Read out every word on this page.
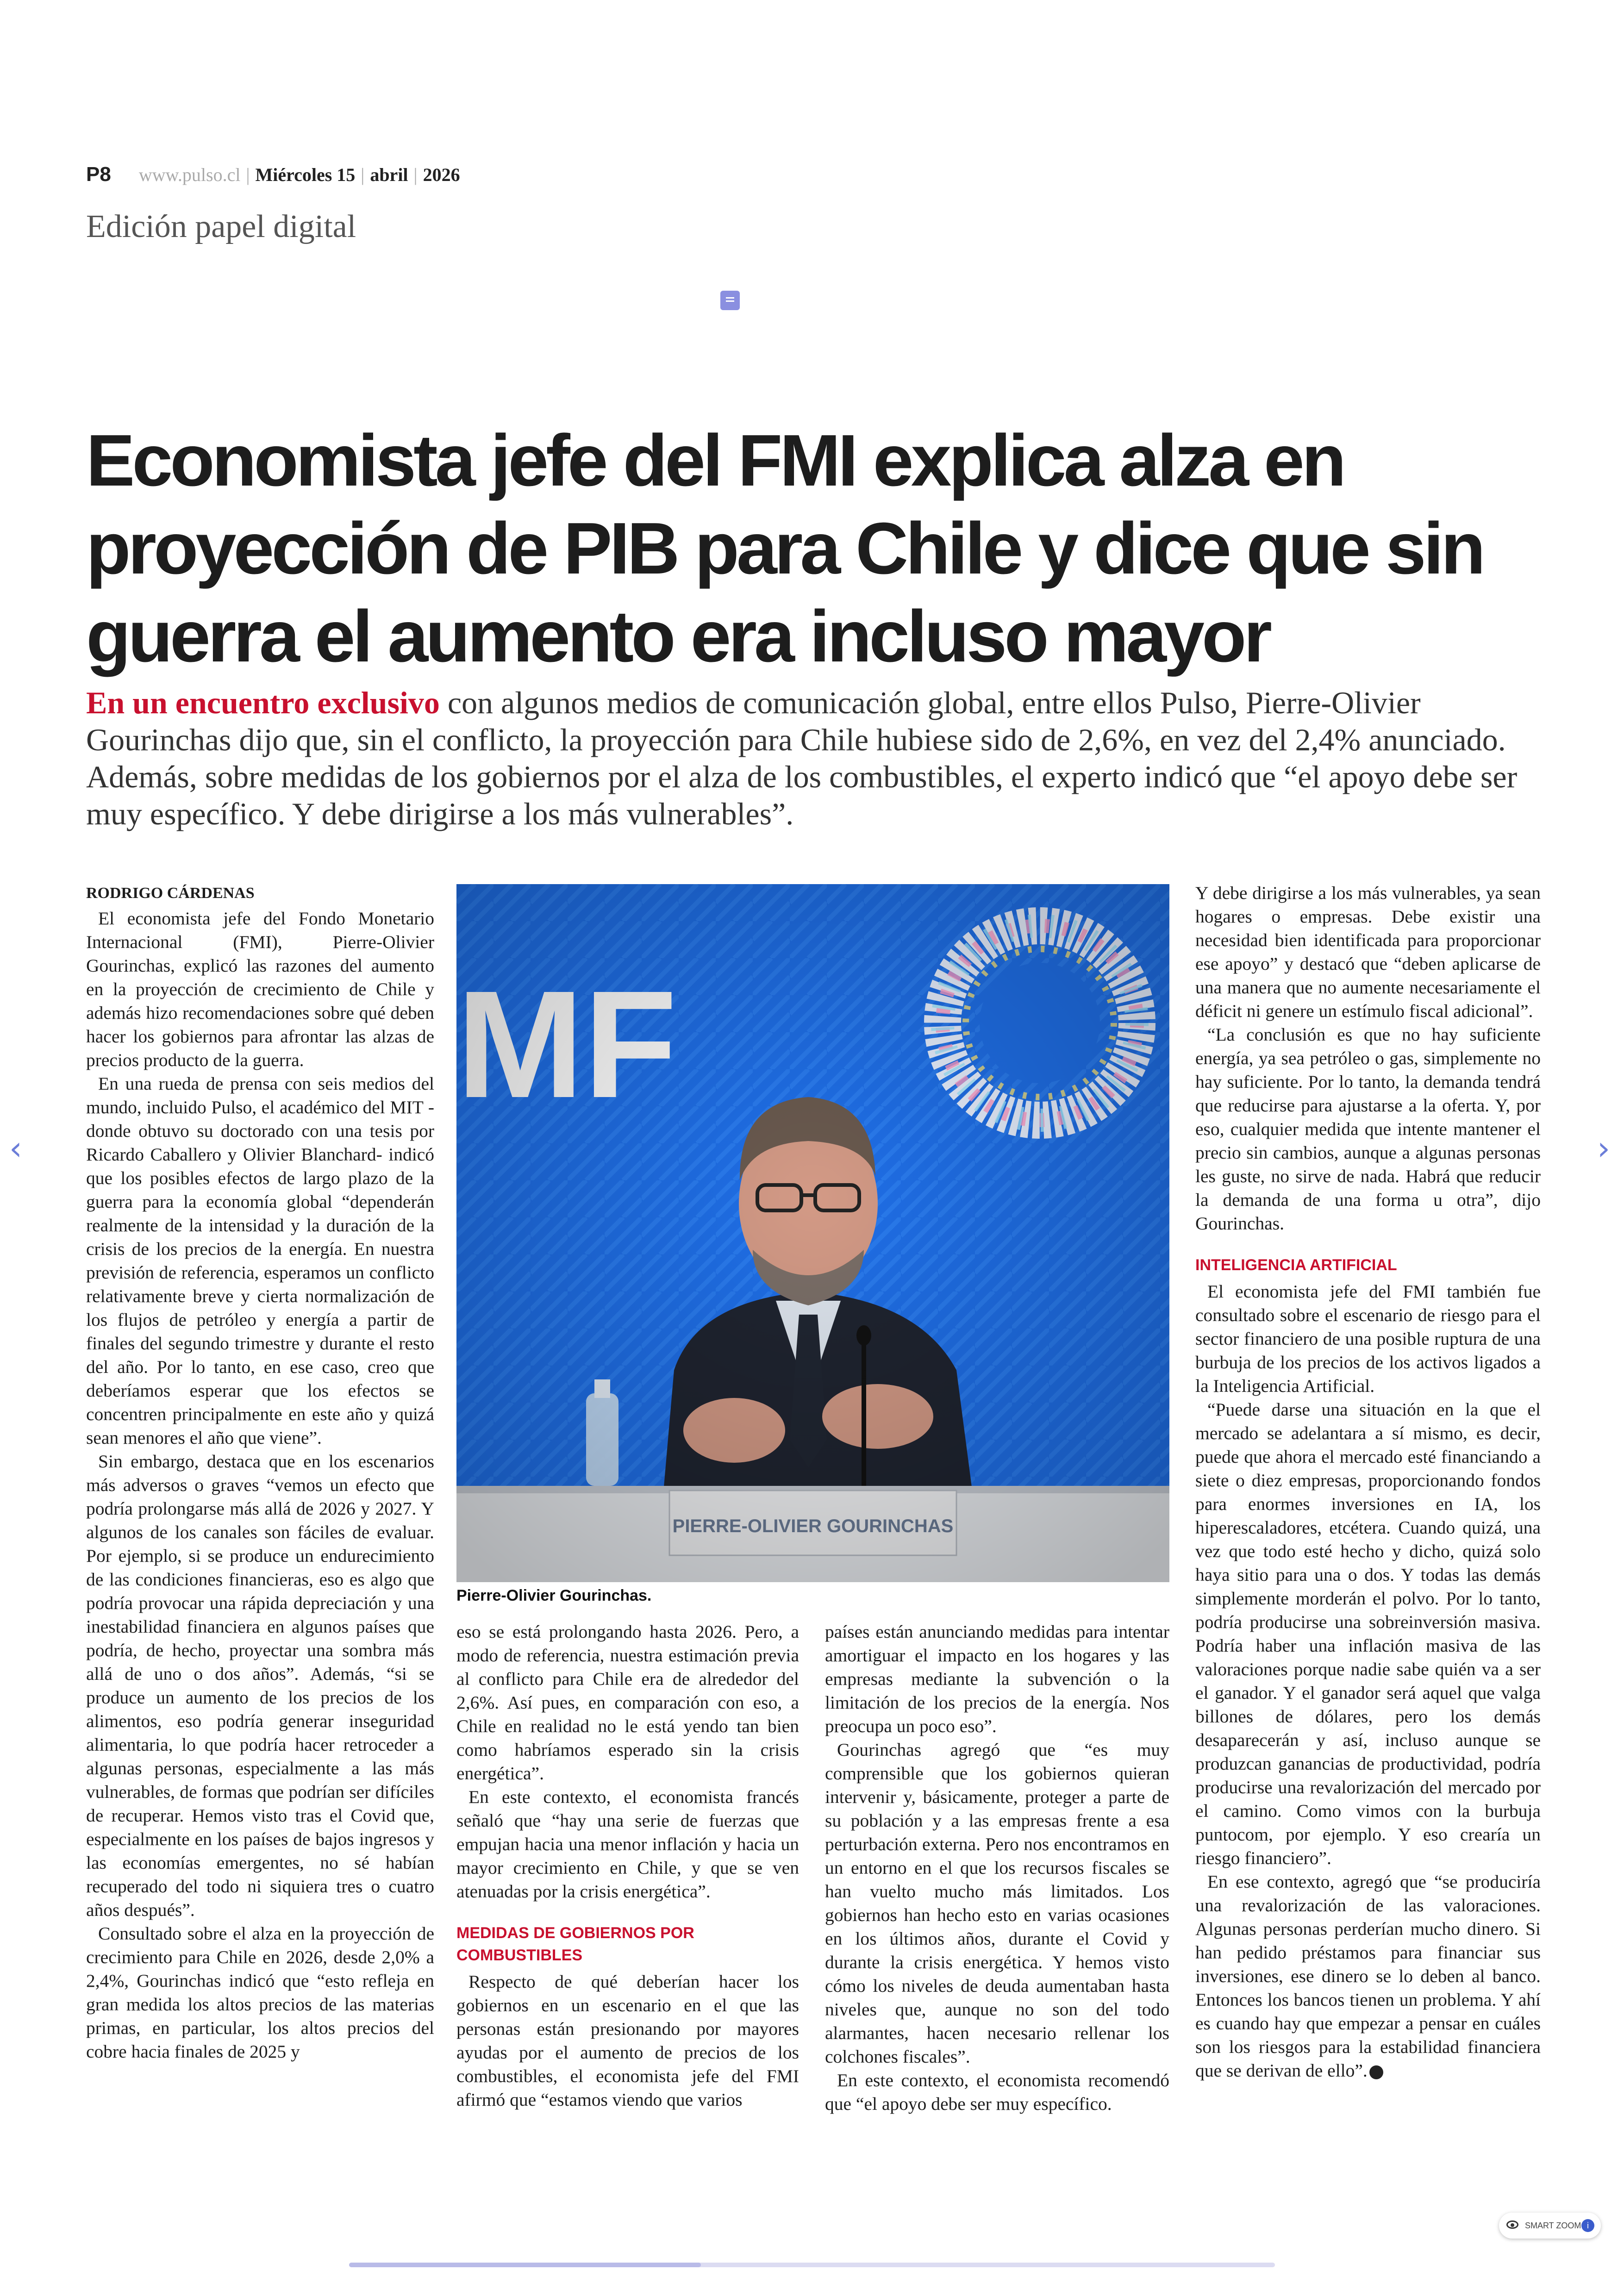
P8 www.pulso.cl | Miércoles 15 | abril | 2026
Edición papel digital
Economista jefe del FMI explica alza en proyección de PIB para Chile y dice que sin guerra el aumento era incluso mayor

En un encuentro exclusivo con algunos medios de comunicación global, entre ellos Pulso, Pierre-Olivier Gourinchas dijo que, sin el conflicto, la proyección para Chile hubiese sido de 2,6%, en vez del 2,4% anunciado. Además, sobre medidas de los gobiernos por el alza de los combustibles, el experto indicó que “el apoyo debe ser muy específico. Y debe dirigirse a los más vulnerables”.

RODRIGO CÁRDENAS

El economista jefe del Fondo Monetario Internacional (FMI), Pierre-Olivier Gourinchas, explicó las razones del aumento en la proyección de crecimiento de Chile y además hizo recomendaciones sobre qué deben hacer los gobiernos para afrontar las alzas de precios producto de la guerra.

En una rueda de prensa con seis medios del mundo, incluido Pulso, el académico del MIT -donde obtuvo su doctorado con una tesis por Ricardo Caballero y Olivier Blanchard- indicó que los posibles efectos de largo plazo de la guerra para la economía global “dependerán realmente de la intensidad y la duración de la crisis de los precios de la energía. En nuestra previsión de referencia, esperamos un conflicto relativamente breve y cierta normalización de los flujos de petróleo y energía a partir de finales del segundo trimestre y durante el resto del año. Por lo tanto, en ese caso, creo que deberíamos esperar que los efectos se concentren principalmente en este año y quizá sean menores el año que viene”.

Sin embargo, destaca que en los escenarios más adversos o graves “vemos un efecto que podría prolongarse más allá de 2026 y 2027. Y algunos de los canales son fáciles de evaluar. Por ejemplo, si se produce un endurecimiento de las condiciones financieras, eso es algo que podría provocar una rápida depreciación y una inestabilidad financiera en algunos países que podría, de hecho, proyectar una sombra más allá de uno o dos años”. Además, “si se produce un aumento de los precios de los alimentos, eso podría generar inseguridad alimentaria, lo que podría hacer retroceder a algunas personas, especialmente a las más vulnerables, de formas que podrían ser difíciles de recuperar. Hemos visto tras el Covid que, especialmente en los países de bajos ingresos y las economías emergentes, no sé habían recuperado del todo ni siquiera tres o cuatro años después”.

Consultado sobre el alza en la proyección de crecimiento para Chile en 2026, desde 2,0% a 2,4%, Gourinchas indicó que “esto refleja en gran medida los altos precios de las materias primas, en particular, los altos precios del cobre hacia finales de 2025 y

Pierre-Olivier Gourinchas.

eso se está prolongando hasta 2026. Pero, a modo de referencia, nuestra estimación previa al conflicto para Chile era de alrededor del 2,6%. Así pues, en comparación con eso, a Chile en realidad no le está yendo tan bien como habríamos esperado sin la crisis energética”.

En este contexto, el economista francés señaló que “hay una serie de fuerzas que empujan hacia una menor inflación y hacia un mayor crecimiento en Chile, y que se ven atenuadas por la crisis energética”.

MEDIDAS DE GOBIERNOS POR COMBUSTIBLES

Respecto de qué deberían hacer los gobiernos en un escenario en el que las personas están presionando por mayores ayudas por el aumento de precios de los combustibles, el economista jefe del FMI afirmó que “estamos viendo que varios

países están anunciando medidas para intentar amortiguar el impacto en los hogares y las empresas mediante la subvención o la limitación de los precios de la energía. Nos preocupa un poco eso”.

Gourinchas agregó que “es muy comprensible que los gobiernos quieran intervenir y, básicamente, proteger a parte de su población y a las empresas frente a esa perturbación externa. Pero nos encontramos en un entorno en el que los recursos fiscales se han vuelto mucho más limitados. Los gobiernos han hecho esto en varias ocasiones en los últimos años, durante el Covid y durante la crisis energética. Y hemos visto cómo los niveles de deuda aumentaban hasta niveles que, aunque no son del todo alarmantes, hacen necesario rellenar los colchones fiscales”.

En este contexto, el economista recomendó que “el apoyo debe ser muy específico.

Y debe dirigirse a los más vulnerables, ya sean hogares o empresas. Debe existir una necesidad bien identificada para proporcionar ese apoyo” y destacó que “deben aplicarse de una manera que no aumente necesariamente el déficit ni genere un estímulo fiscal adicional”.

“La conclusión es que no hay suficiente energía, ya sea petróleo o gas, simplemente no hay suficiente. Por lo tanto, la demanda tendrá que reducirse para ajustarse a la oferta. Y, por eso, cualquier medida que intente mantener el precio sin cambios, aunque a algunas personas les guste, no sirve de nada. Habrá que reducir la demanda de una forma u otra”, dijo Gourinchas.

INTELIGENCIA ARTIFICIAL

El economista jefe del FMI también fue consultado sobre el escenario de riesgo para el sector financiero de una posible ruptura de una burbuja de los precios de los activos ligados a la Inteligencia Artificial.

“Puede darse una situación en la que el mercado se adelantara a sí mismo, es decir, puede que ahora el mercado esté financiando a siete o diez empresas, proporcionando fondos para enormes inversiones en IA, los hiperescaladores, etcétera. Cuando quizá, una vez que todo esté hecho y dicho, quizá solo haya sitio para una o dos. Y todas las demás simplemente morderán el polvo. Por lo tanto, podría producirse una sobreinversión masiva. Podría haber una inflación masiva de las valoraciones porque nadie sabe quién va a ser el ganador. Y el ganador será aquel que valga billones de dólares, pero los demás desaparecerán y así, incluso aunque se produzcan ganancias de productividad, podría producirse una revalorización del mercado por el camino. Como vimos con la burbuja puntocom, por ejemplo. Y eso crearía un riesgo financiero”.

En ese contexto, agregó que “se produciría una revalorización de las valoraciones. Algunas personas perderían mucho dinero. Si han pedido préstamos para financiar sus inversiones, ese dinero se lo deben al banco. Entonces los bancos tienen un problema. Y ahí es cuando hay que empezar a pensar en cuáles son los riesgos para la estabilidad financiera que se derivan de ello”.

‹	›
SMART ZOOM i
